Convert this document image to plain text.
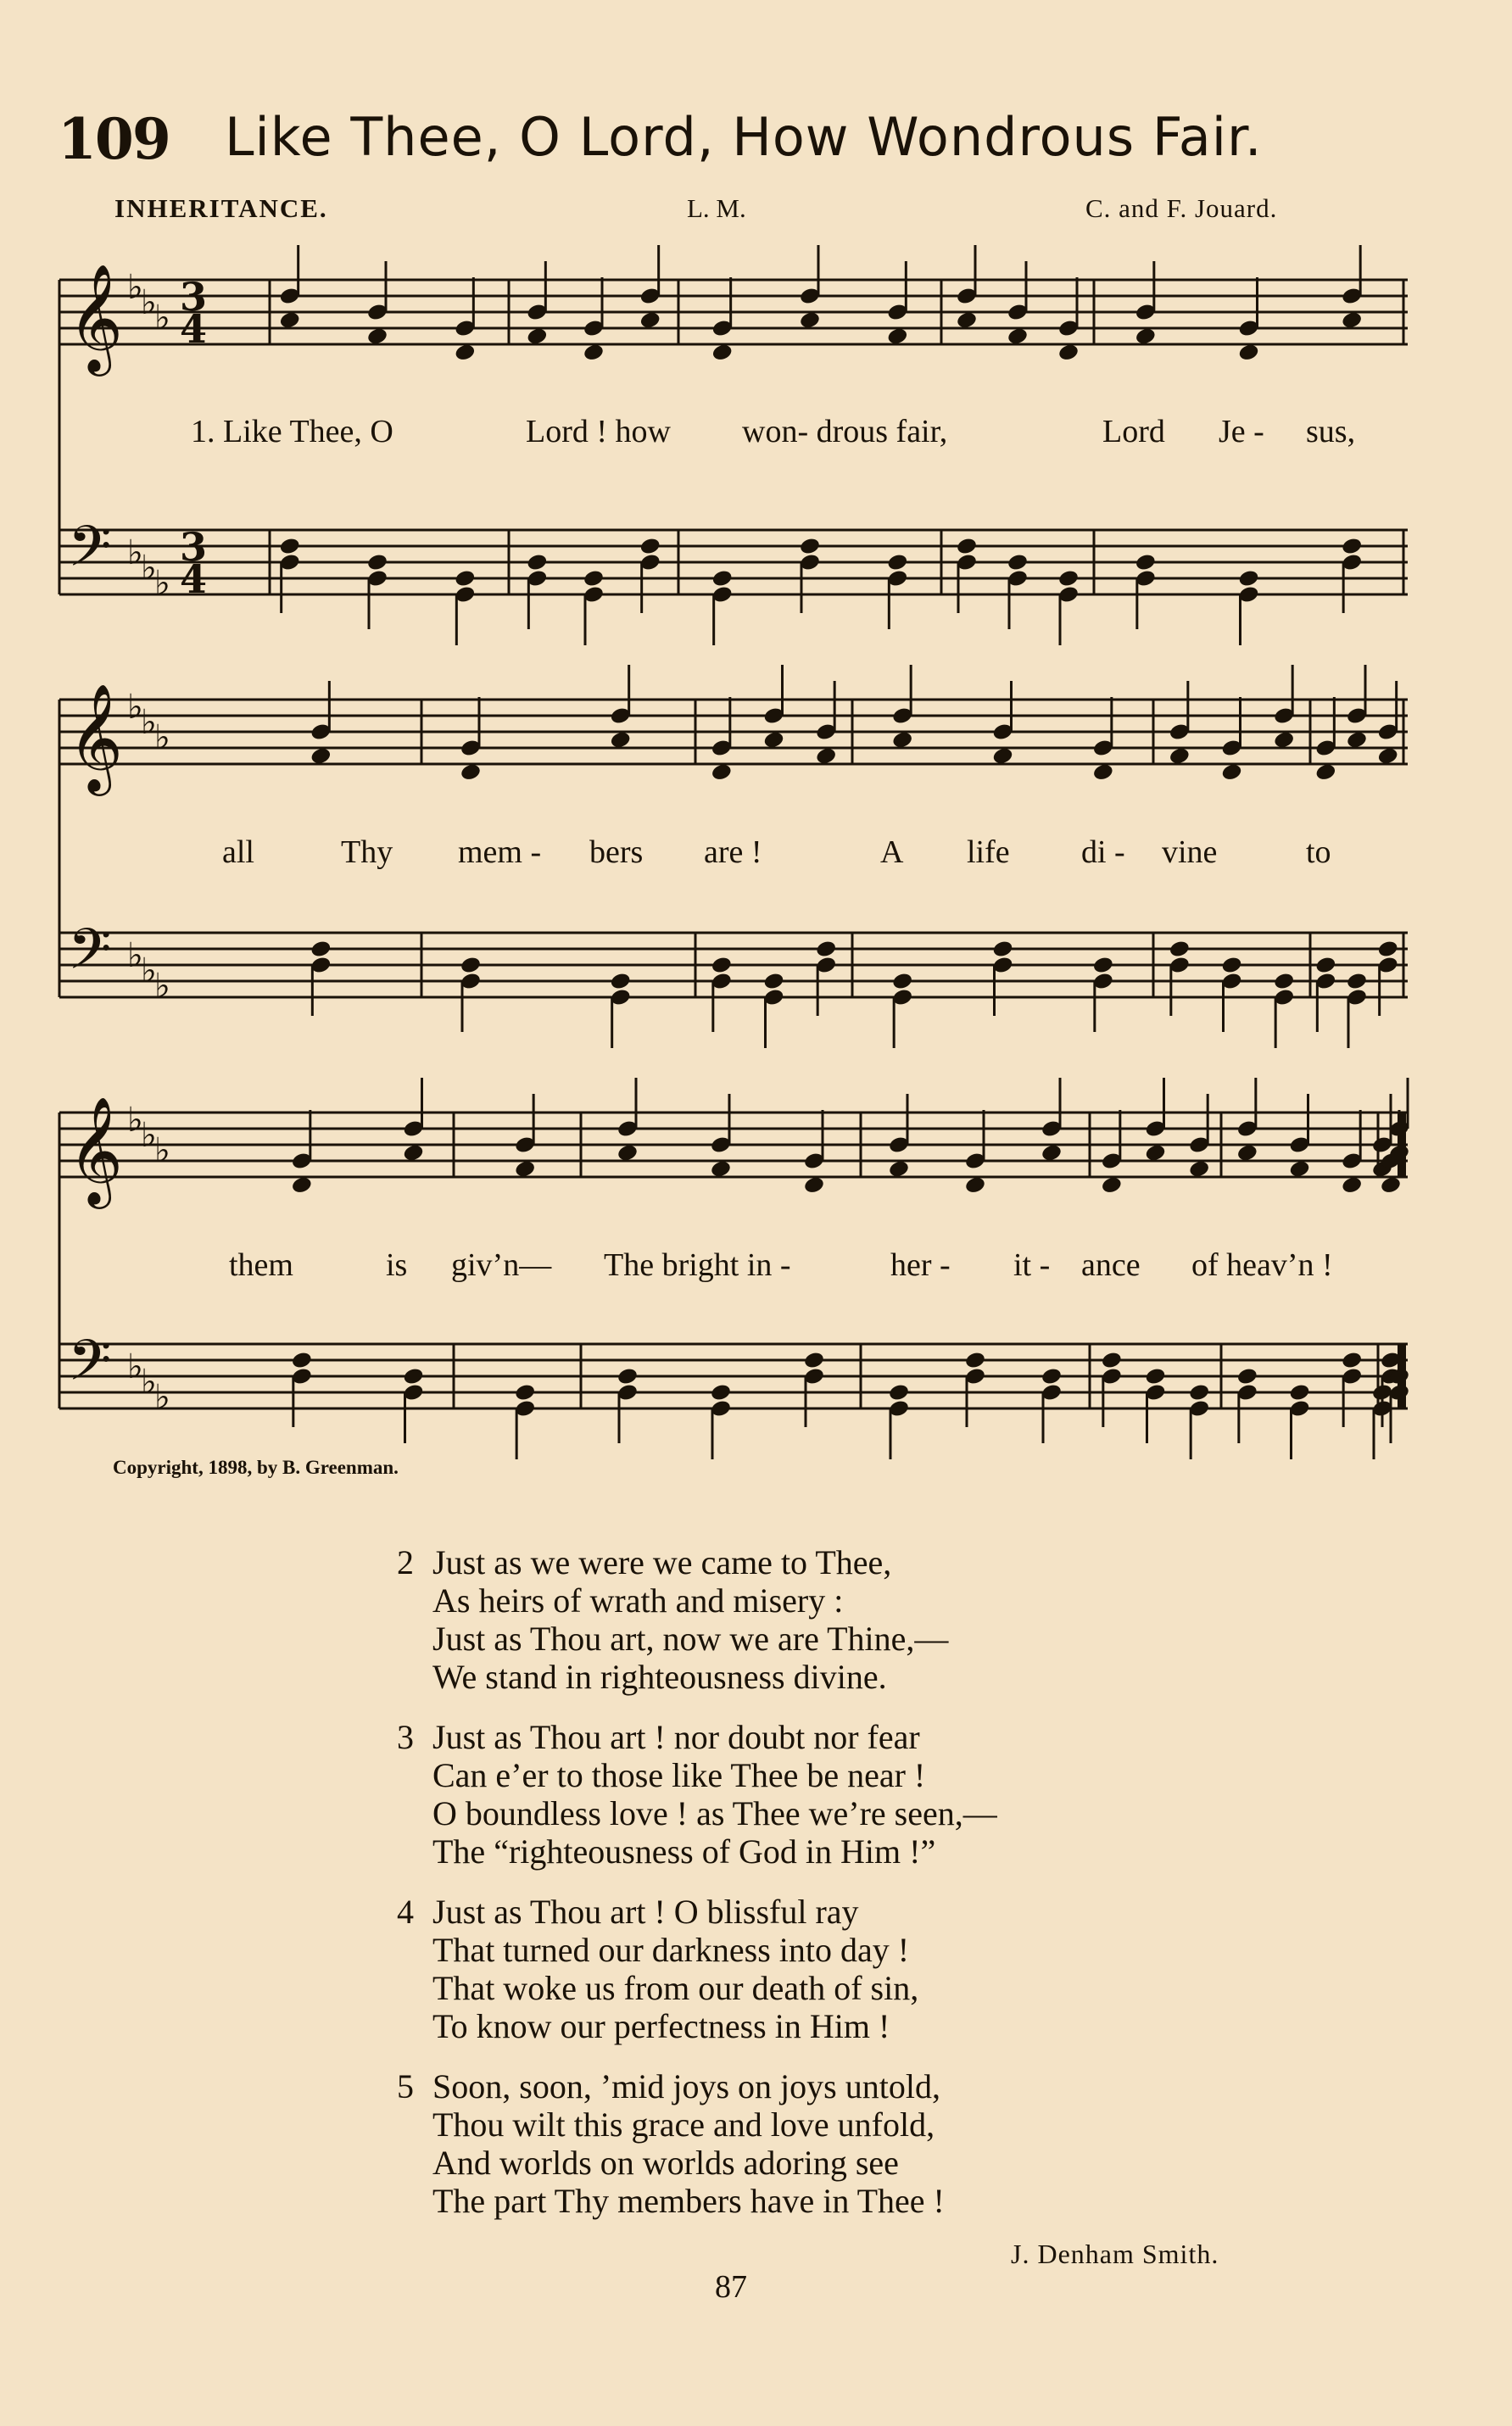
109 Like Thee, O Lord, How Wondrous Fair.
INHERITANCE.	L. M.	C. and F. Jouard.
𝄞 ♭
♭
♭ 3
4
𝄢 ♭
♭
♭
3
4
𝄞 ♭
♭
♭
𝄢 ♭
♭
♭
𝄞 ♭
♭
♭
𝄢 ♭
♭
♭
1. Like Thee, O	Lord ! how won- drous fair,	Lord Je - sus,
all	Thy mem - bers are !	A life di - vine	to
them	is giv’n— The bright in -	her - it - ance of heav’n !
Copyright, 1898, by B. Greenman.
2 Just as we were we came to Thee,
As heirs of wrath and misery :
Just as Thou art, now we are Thine,—
We stand in righteousness divine.
3 Just as Thou art ! nor doubt nor fear
Can e’er to those like Thee be near !
O boundless love ! as Thee we’re seen,—
The “righteousness of God in Him !”
4 Just as Thou art ! O blissful ray
That turned our darkness into day !
That woke us from our death of sin,
To know our perfectness in Him !
5 Soon, soon, ’mid joys on joys untold,
Thou wilt this grace and love unfold,
And worlds on worlds adoring see
The part Thy members have in Thee !
J. Denham Smith.
87
